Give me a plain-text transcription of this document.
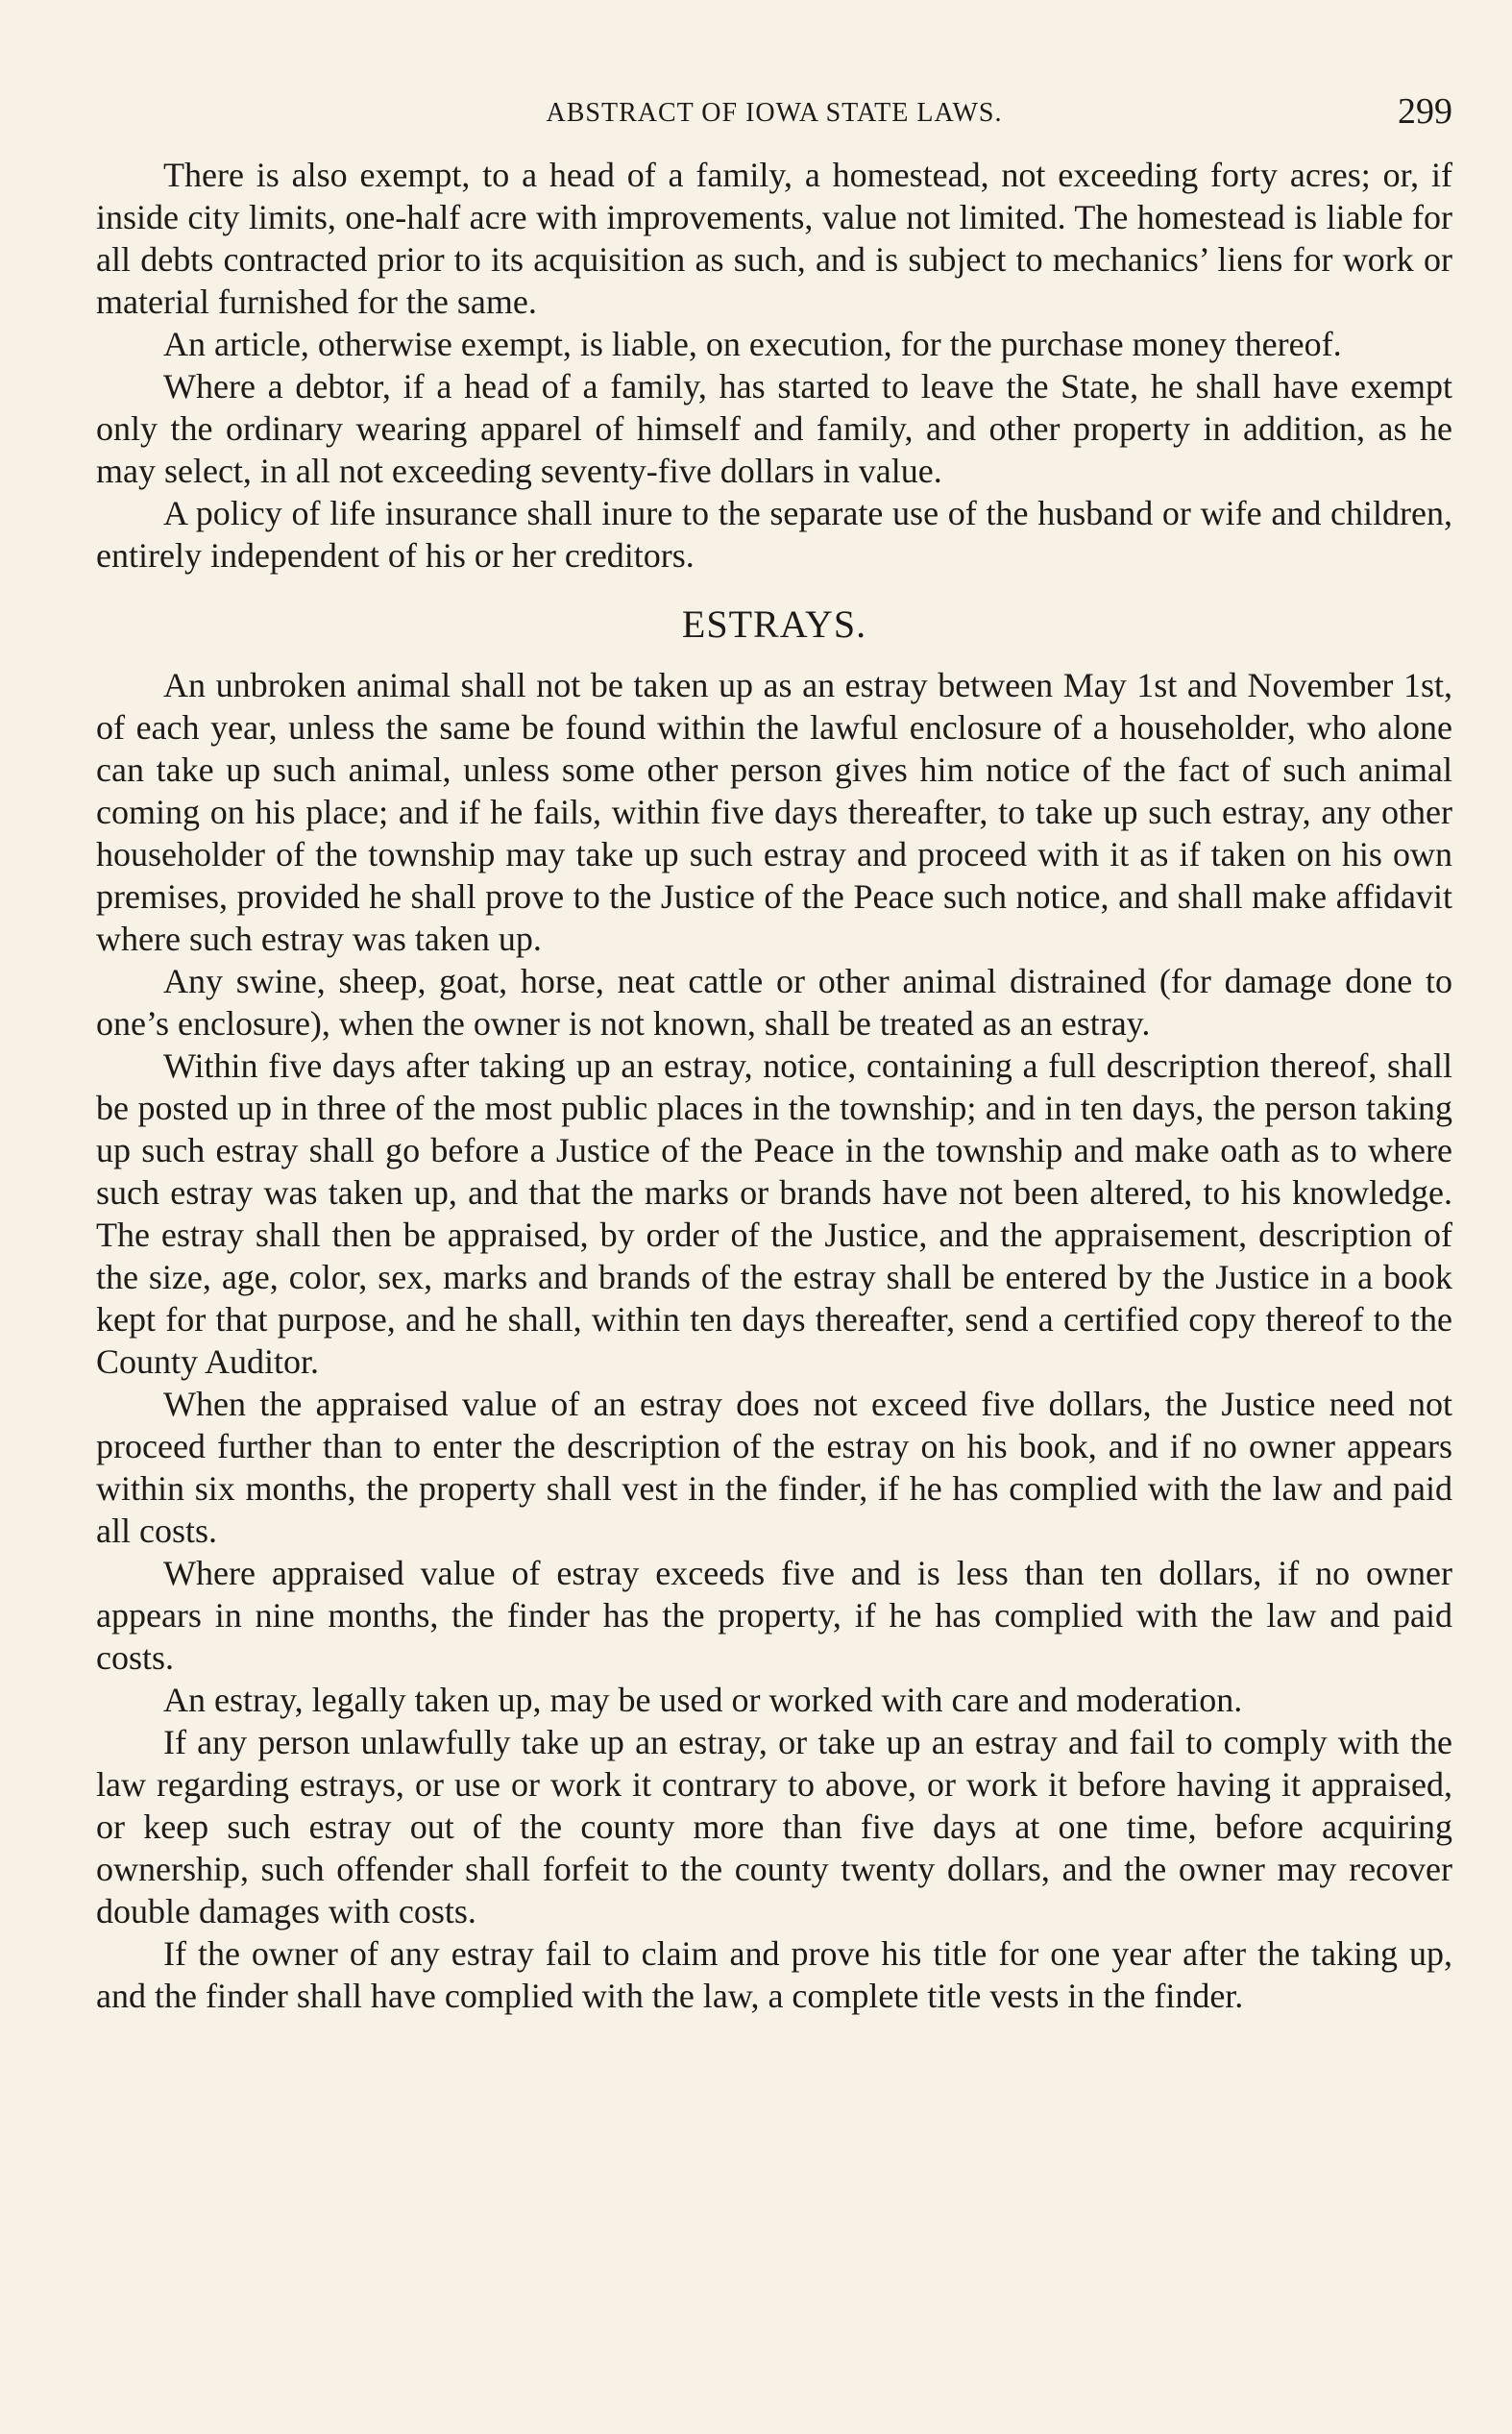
ABSTRACT OF IOWA STATE LAWS.	299

There is also exempt, to a head of a family, a homestead, not exceeding forty acres; or, if inside city limits, one-half acre with improvements, value not limited. The homestead is liable for all debts contracted prior to its acquisition as such, and is subject to mechanics’ liens for work or material furnished for the same.

An article, otherwise exempt, is liable, on execution, for the purchase money thereof.

Where a debtor, if a head of a family, has started to leave the State, he shall have exempt only the ordinary wearing apparel of himself and family, and other property in addition, as he may select, in all not exceeding seventy-five dollars in value.

A policy of life insurance shall inure to the separate use of the husband or wife and children, entirely independent of his or her creditors.

ESTRAYS.

An unbroken animal shall not be taken up as an estray between May 1st and November 1st, of each year, unless the same be found within the lawful enclosure of a householder, who alone can take up such animal, unless some other person gives him notice of the fact of such animal coming on his place; and if he fails, within five days thereafter, to take up such estray, any other householder of the township may take up such estray and proceed with it as if taken on his own premises, provided he shall prove to the Justice of the Peace such notice, and shall make affidavit where such estray was taken up.

Any swine, sheep, goat, horse, neat cattle or other animal distrained (for damage done to one’s enclosure), when the owner is not known, shall be treated as an estray.

Within five days after taking up an estray, notice, containing a full description thereof, shall be posted up in three of the most public places in the township; and in ten days, the person taking up such estray shall go before a Justice of the Peace in the township and make oath as to where such estray was taken up, and that the marks or brands have not been altered, to his knowledge. The estray shall then be appraised, by order of the Justice, and the appraisement, description of the size, age, color, sex, marks and brands of the estray shall be entered by the Justice in a book kept for that purpose, and he shall, within ten days thereafter, send a certified copy thereof to the County Auditor.

When the appraised value of an estray does not exceed five dollars, the Justice need not proceed further than to enter the description of the estray on his book, and if no owner appears within six months, the property shall vest in the finder, if he has complied with the law and paid all costs.

Where appraised value of estray exceeds five and is less than ten dollars, if no owner appears in nine months, the finder has the property, if he has complied with the law and paid costs.

An estray, legally taken up, may be used or worked with care and moderation.

If any person unlawfully take up an estray, or take up an estray and fail to comply with the law regarding estrays, or use or work it contrary to above, or work it before having it appraised, or keep such estray out of the county more than five days at one time, before acquiring ownership, such offender shall forfeit to the county twenty dollars, and the owner may recover double damages with costs.

If the owner of any estray fail to claim and prove his title for one year after the taking up, and the finder shall have complied with the law, a complete title vests in the finder.
